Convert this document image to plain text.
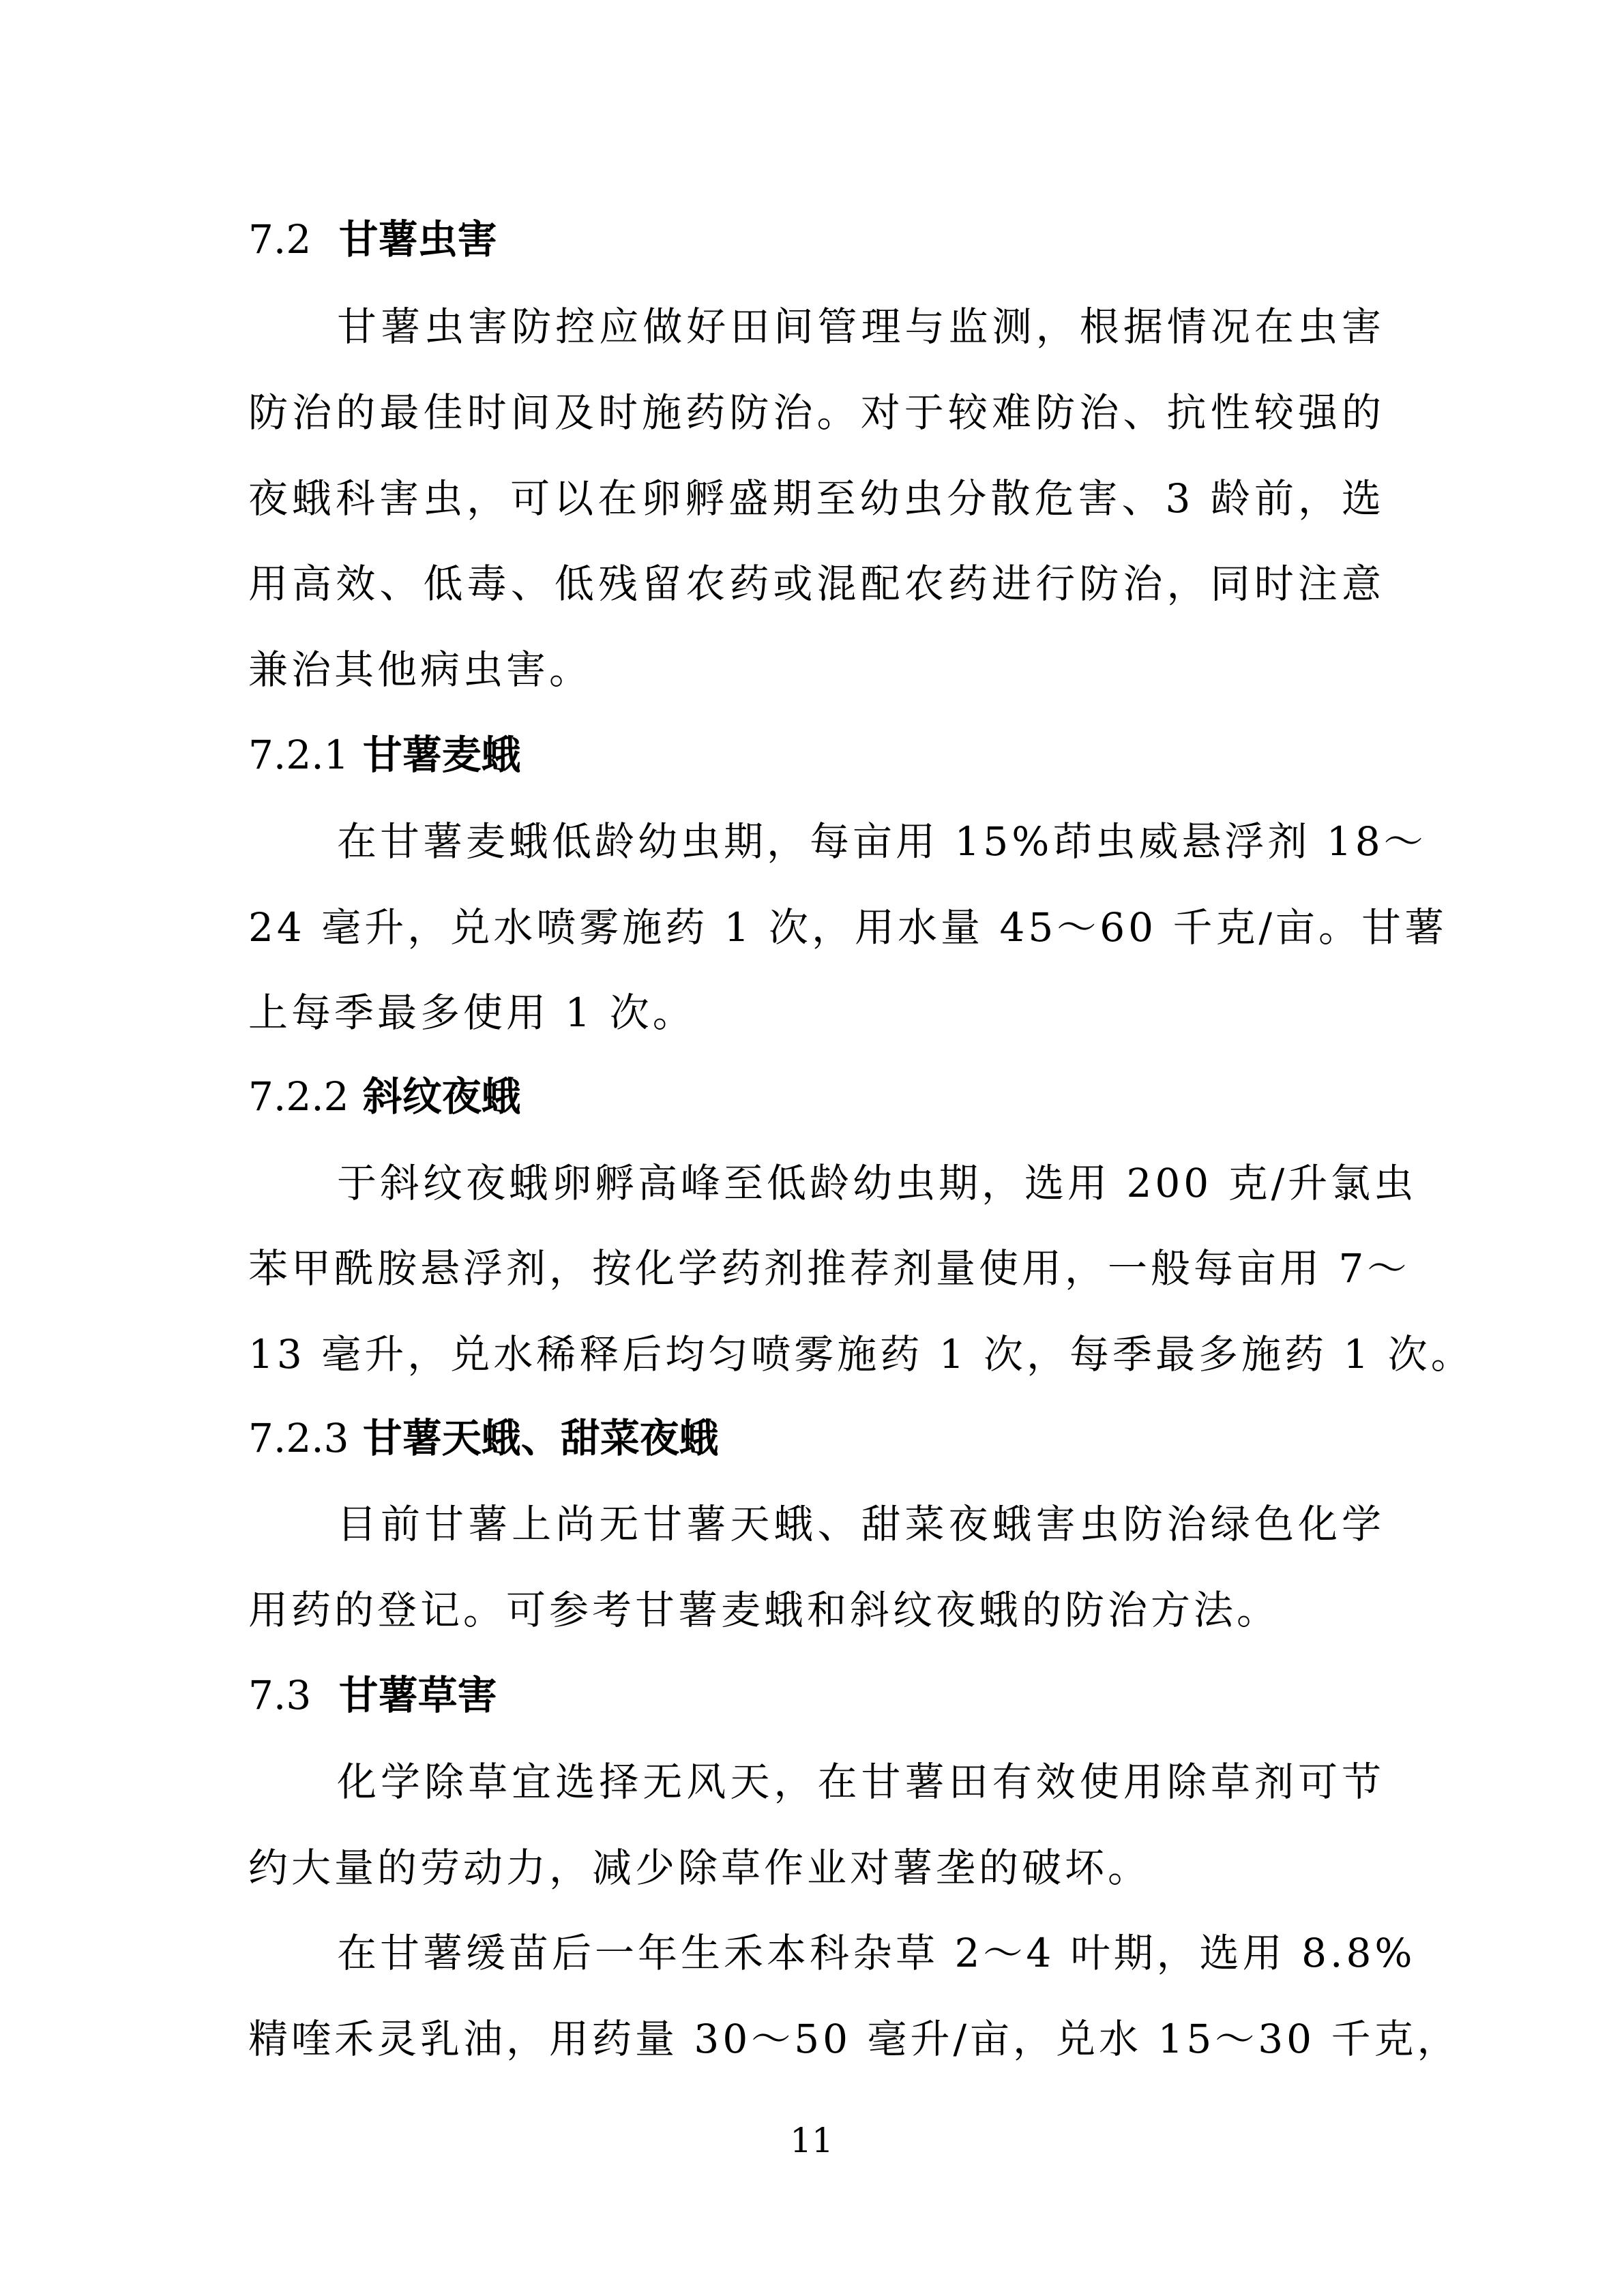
7.2 甘薯虫害
甘薯虫害防控应做好田间管理与监测，根据情况在虫害
防治的最佳时间及时施药防治。对于较难防治、抗性较强的
夜蛾科害虫，可以在卵孵盛期至幼虫分散危害、3 龄前，选
用高效、低毒、低残留农药或混配农药进行防治，同时注意
兼治其他病虫害。
7.2.1 甘薯麦蛾
在甘薯麦蛾低龄幼虫期，每亩用 15%茚虫威悬浮剂 18～
24 毫升，兑水喷雾施药 1 次，用水量 45～60 千克/亩。甘薯
上每季最多使用 1 次。
7.2.2 斜纹夜蛾
于斜纹夜蛾卵孵高峰至低龄幼虫期，选用 200 克/升氯虫
苯甲酰胺悬浮剂，按化学药剂推荐剂量使用，一般每亩用 7～
13 毫升，兑水稀释后均匀喷雾施药 1 次，每季最多施药 1 次。
7.2.3 甘薯天蛾、甜菜夜蛾
目前甘薯上尚无甘薯天蛾、甜菜夜蛾害虫防治绿色化学
用药的登记。可参考甘薯麦蛾和斜纹夜蛾的防治方法。
7.3 甘薯草害
化学除草宜选择无风天，在甘薯田有效使用除草剂可节
约大量的劳动力，减少除草作业对薯垄的破坏。
在甘薯缓苗后一年生禾本科杂草 2～4 叶期，选用 8.8%
精喹禾灵乳油，用药量 30～50 毫升/亩，兑水 15～30 千克，
11
